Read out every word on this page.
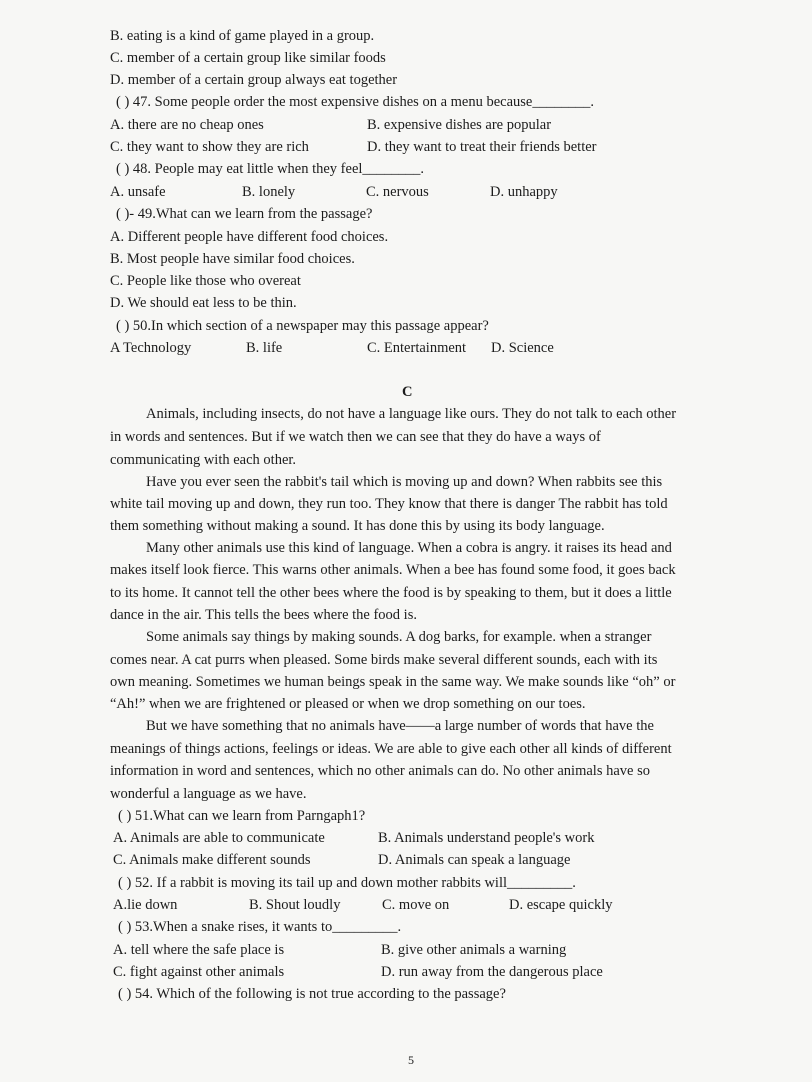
B. eating is a kind of game played in a group.
C. member of a certain group like similar foods
D. member of a certain group always eat together
( ) 47. Some people order the most expensive dishes on a menu because________.
A. there are no cheap ones	B. expensive dishes are popular
C. they want to show they are rich	D. they want to treat their friends better
( ) 48. People may eat little when they feel________.
A. unsafe	B. lonely	C. nervous	D. unhappy
( )- 49.What can we learn from the passage?
A. Different people have different food choices.
B. Most people have similar food choices.
C. People like those who overeat
D. We should eat less to be thin.
( ) 50.In which section of a newspaper may this passage appear?
A Technology	B. life	C. Entertainment D. Science
C
Animals, including insects, do not have a language like ours. They do not talk to each other
in words and sentences. But if we watch then we can see that they do have a ways of
communicating with each other.
Have you ever seen the rabbit's tail which is moving up and down? When rabbits see this
white tail moving up and down, they run too. They know that there is danger The rabbit has told
them something without making a sound. It has done this by using its body language.
Many other animals use this kind of language. When a cobra is angry. it raises its head and
makes itself look fierce. This warns other animals. When a bee has found some food, it goes back
to its home. It cannot tell the other bees where the food is by speaking to them, but it does a little
dance in the air. This tells the bees where the food is.
Some animals say things by making sounds. A dog barks, for example. when a stranger
comes near. A cat purrs when pleased. Some birds make several different sounds, each with its
own meaning. Sometimes we human beings speak in the same way. We make sounds like “oh” or
“Ah!” when we are frightened or pleased or when we drop something on our toes.
But we have something that no animals have——a large number of words that have the
meanings of things actions, feelings or ideas. We are able to give each other all kinds of different
information in word and sentences, which no other animals can do. No other animals have so
wonderful a language as we have.
( ) 51.What can we learn from Parngaph1?
A. Animals are able to communicate	B. Animals understand people's work
C. Animals make different sounds	D. Animals can speak a language
( ) 52. If a rabbit is moving its tail up and down mother rabbits will_________.
A.lie down	B. Shout loudly	C. move on	D. escape quickly
( ) 53.When a snake rises, it wants to_________.
A. tell where the safe place is	B. give other animals a warning
C. fight against other animals	D. run away from the dangerous place
( ) 54. Which of the following is not true according to the passage?
5
